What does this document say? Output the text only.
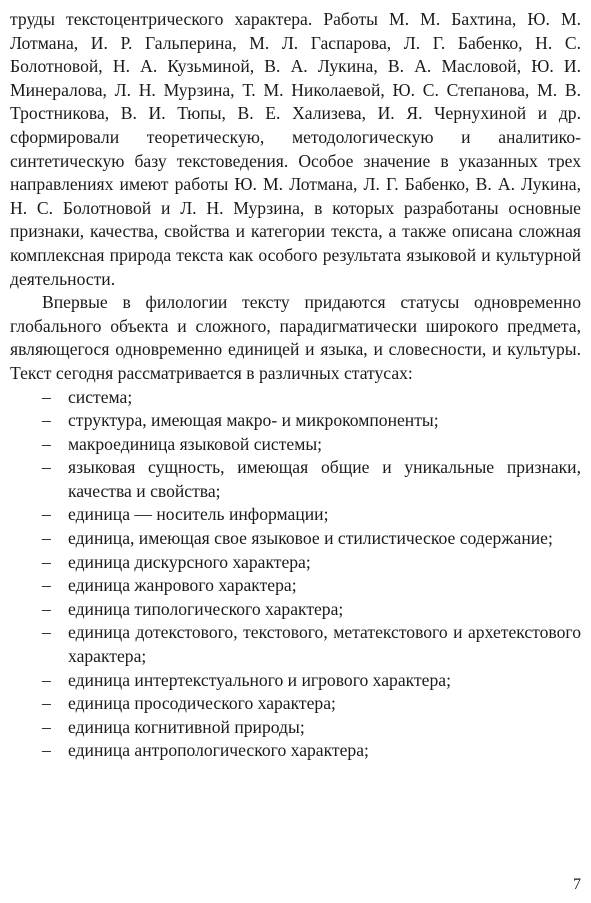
труды текстоцентрического характера. Работы М. М. Бахтина, Ю. М. Лотмана, И. Р. Гальперина, М. Л. Гаспарова, Л. Г. Бабенко, Н. С. Болотновой, Н. А. Кузьминой, В. А. Лукина, В. А. Масловой, Ю. И. Минералова, Л. Н. Мурзина, Т. М. Николаевой, Ю. С. Степанова, М. В. Тростникова, В. И. Тюпы, В. Е. Хализева, И. Я. Чернухиной и др. сформировали теоретическую, методологическую и аналитико-синтетическую базу текстоведения. Особое значение в указанных трех направлениях имеют работы Ю. М. Лотмана, Л. Г. Бабенко, В. А. Лукина, Н. С. Болотновой и Л. Н. Мурзина, в которых разработаны основные признаки, качества, свойства и категории текста, а также описана сложная комплексная природа текста как особого результата языковой и культурной деятельности.

Впервые в филологии тексту придаются статусы одновременно глобального объекта и сложного, парадигматически широкого предмета, являющегося одновременно единицей и языка, и словесности, и культуры. Текст сегодня рассматривается в различных статусах:

– система;
– структура, имеющая макро- и микрокомпоненты;
– макроединица языковой системы;
– языковая сущность, имеющая общие и уникальные признаки, качества и свойства;
– единица — носитель информации;
– единица, имеющая свое языковое и стилистическое содержание;
– единица дискурсного характера;
– единица жанрового характера;
– единица типологического характера;
– единица дотекстового, текстового, метатекстового и архетекстового характера;
– единица интертекстуального и игрового характера;
– единица просодического характера;
– единица когнитивной природы;
– единица антропологического характера;
7
